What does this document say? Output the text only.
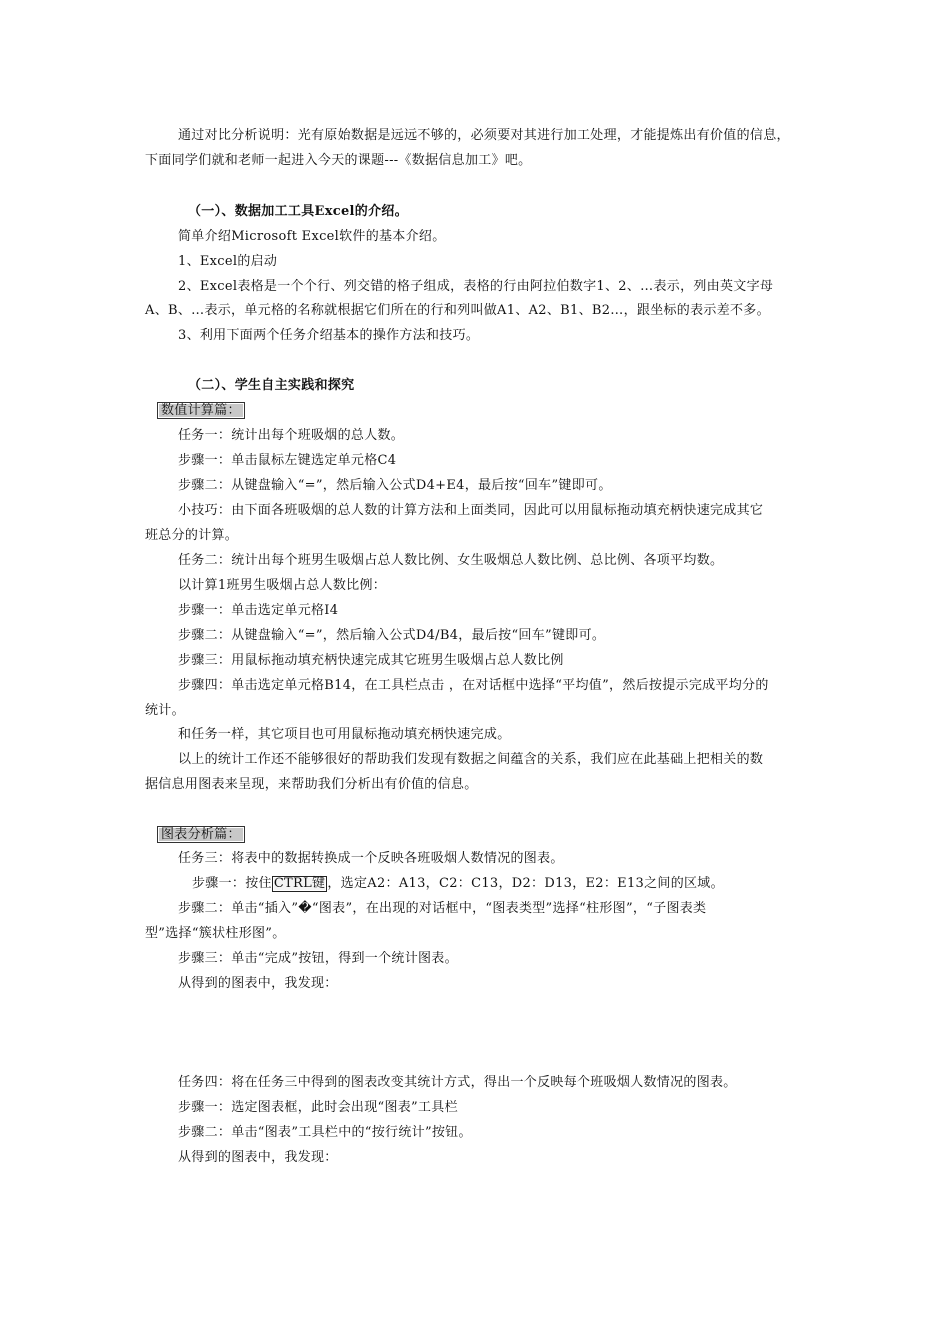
通过对比分析说明：光有原始数据是远远不够的，必须要对其进行加工处理，才能提炼出有价值的信息，
下面同学们就和老师一起进入今天的课题---《数据信息加工》吧。
（一）、数据加工工具Excel的介绍。
简单介绍Microsoft Excel软件的基本介绍。
1、Excel的启动
2、Excel表格是一个个行、列交错的格子组成，表格的行由阿拉伯数字1、2、…表示，列由英文字母
A、B、…表示，单元格的名称就根据它们所在的行和列叫做A1、A2、B1、B2…，跟坐标的表示差不多。
3、利用下面两个任务介绍基本的操作方法和技巧。
（二）、学生自主实践和探究
数值计算篇：
任务一：统计出每个班吸烟的总人数。
步骤一：单击鼠标左键选定单元格C4
步骤二：从键盘输入“=”，然后输入公式D4+E4，最后按“回车”键即可。
小技巧：由下面各班吸烟的总人数的计算方法和上面类同，因此可以用鼠标拖动填充柄快速完成其它
班总分的计算。
任务二：统计出每个班男生吸烟占总人数比例、女生吸烟总人数比例、总比例、各项平均数。
以计算1班男生吸烟占总人数比例：
步骤一：单击选定单元格I4
步骤二：从键盘输入“=”，然后输入公式D4/B4，最后按“回车”键即可。
步骤三：用鼠标拖动填充柄快速完成其它班男生吸烟占总人数比例
步骤四：单击选定单元格B14，在工具栏点击 ，在对话框中选择“平均值”，然后按提示完成平均分的
统计。
和任务一样，其它项目也可用鼠标拖动填充柄快速完成。
以上的统计工作还不能够很好的帮助我们发现有数据之间蕴含的关系，我们应在此基础上把相关的数
据信息用图表来呈现，来帮助我们分析出有价值的信息。
图表分析篇：
任务三：将表中的数据转换成一个反映各班吸烟人数情况的图表。
步骤一：按住 CTRL键 ，选定A2：A13，C2：C13，D2：D13，E2：E13之间的区域。
步骤二：单击“插入”�“图表”，在出现的对话框中，“图表类型”选择“柱形图”，“子图表类
型”选择“簇状柱形图”。
步骤三：单击“完成”按钮，得到一个统计图表。
从得到的图表中，我发现：
任务四：将在任务三中得到的图表改变其统计方式，得出一个反映每个班吸烟人数情况的图表。
步骤一：选定图表框，此时会出现“图表”工具栏
步骤二：单击“图表”工具栏中的“按行统计”按钮。
从得到的图表中，我发现：
